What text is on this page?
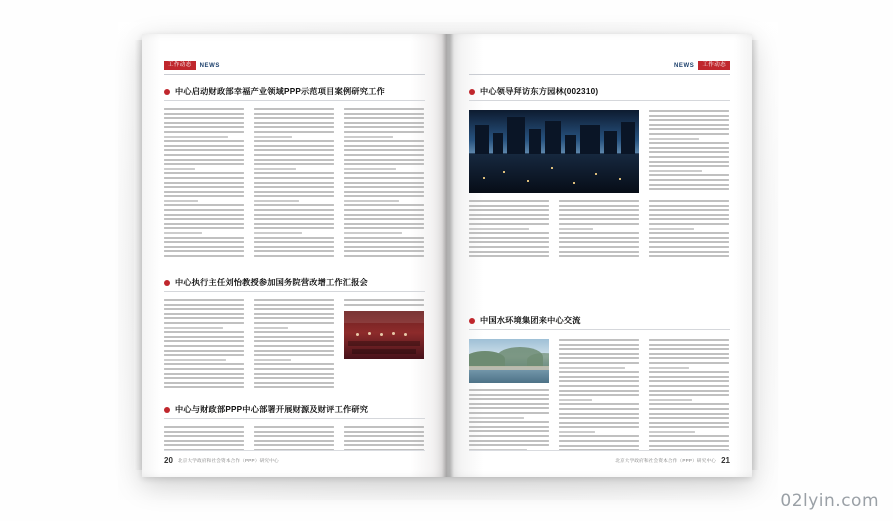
工作动态	NEWS
中心启动财政部幸福产业领域PPP示范项目案例研究工作
中心执行主任刘怡教授参加国务院营改增工作汇报会
中心与财政部PPP中心部署开展财源及财评工作研究
20 北京大学政府和社会资本合作（PPP）研究中心
工作动态
NEWS
中心领导拜访东方园林(002310)
中国水环境集团来中心交流
21
北京大学政府和社会资本合作（PPP）研究中心
02lyin.com
